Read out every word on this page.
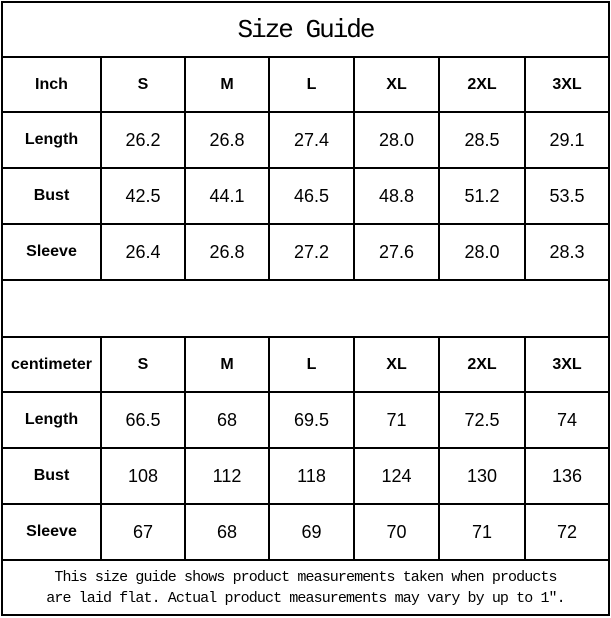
Size Guide						
Inch	S	M	L	XL	2XL	3XL
Length	26.2	26.8	27.4	28.0	28.5	29.1
Bust	42.5	44.1	46.5	48.8	51.2	53.5
Sleeve	26.4	26.8	27.2	27.6	28.0	28.3

centimeter	S	M	L	XL	2XL	3XL
Length	66.5	68	69.5	71	72.5	74
Bust	108	112	118	124	130	136
Sleeve	67	68	69	70	71	72

This size guide shows product measurements taken when products
are laid flat. Actual product measurements may vary by up to 1″.						
